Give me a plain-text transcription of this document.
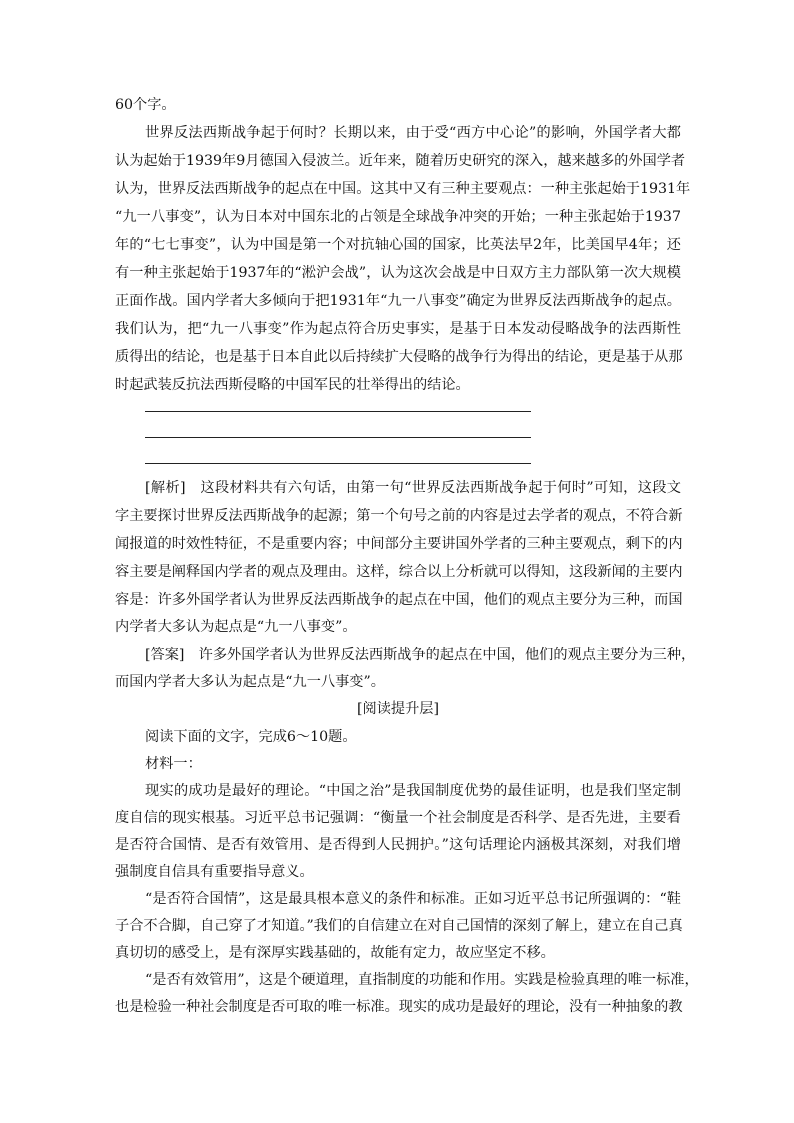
60个字。
世界反法西斯战争起于何时？长期以来，由于受“西方中心论”的影响，外国学者大都
认为起始于1939年9月德国入侵波兰。近年来，随着历史研究的深入，越来越多的外国学者
认为，世界反法西斯战争的起点在中国。这其中又有三种主要观点：一种主张起始于1931年
“九一八事变”，认为日本对中国东北的占领是全球战争冲突的开始；一种主张起始于1937
年的“七七事变”，认为中国是第一个对抗轴心国的国家，比英法早2年，比美国早4年；还
有一种主张起始于1937年的“淞沪会战”，认为这次会战是中日双方主力部队第一次大规模
正面作战。国内学者大多倾向于把1931年“九一八事变”确定为世界反法西斯战争的起点。
我们认为，把“九一八事变”作为起点符合历史事实，是基于日本发动侵略战争的法西斯性
质得出的结论，也是基于日本自此以后持续扩大侵略的战争行为得出的结论，更是基于从那
时起武装反抗法西斯侵略的中国军民的壮举得出的结论。
[解析]　这段材料共有六句话，由第一句“世界反法西斯战争起于何时”可知，这段文
字主要探讨世界反法西斯战争的起源；第一个句号之前的内容是过去学者的观点，不符合新
闻报道的时效性特征，不是重要内容；中间部分主要讲国外学者的三种主要观点，剩下的内
容主要是阐释国内学者的观点及理由。这样，综合以上分析就可以得知，这段新闻的主要内
容是：许多外国学者认为世界反法西斯战争的起点在中国，他们的观点主要分为三种，而国
内学者大多认为起点是“九一八事变”。
[答案]　许多外国学者认为世界反法西斯战争的起点在中国，他们的观点主要分为三种，
而国内学者大多认为起点是“九一八事变”。
[阅读提升层]
阅读下面的文字，完成6～10题。
材料一：
现实的成功是最好的理论。“中国之治”是我国制度优势的最佳证明，也是我们坚定制
度自信的现实根基。习近平总书记强调：“衡量一个社会制度是否科学、是否先进，主要看
是否符合国情、是否有效管用、是否得到人民拥护。”这句话理论内涵极其深刻，对我们增
强制度自信具有重要指导意义。
“是否符合国情”，这是最具根本意义的条件和标准。正如习近平总书记所强调的：“鞋
子合不合脚，自己穿了才知道。”我们的自信建立在对自己国情的深刻了解上，建立在自己真
真切切的感受上，是有深厚实践基础的，故能有定力，故应坚定不移。
“是否有效管用”，这是个硬道理，直指制度的功能和作用。实践是检验真理的唯一标准，
也是检验一种社会制度是否可取的唯一标准。现实的成功是最好的理论，没有一种抽象的教
